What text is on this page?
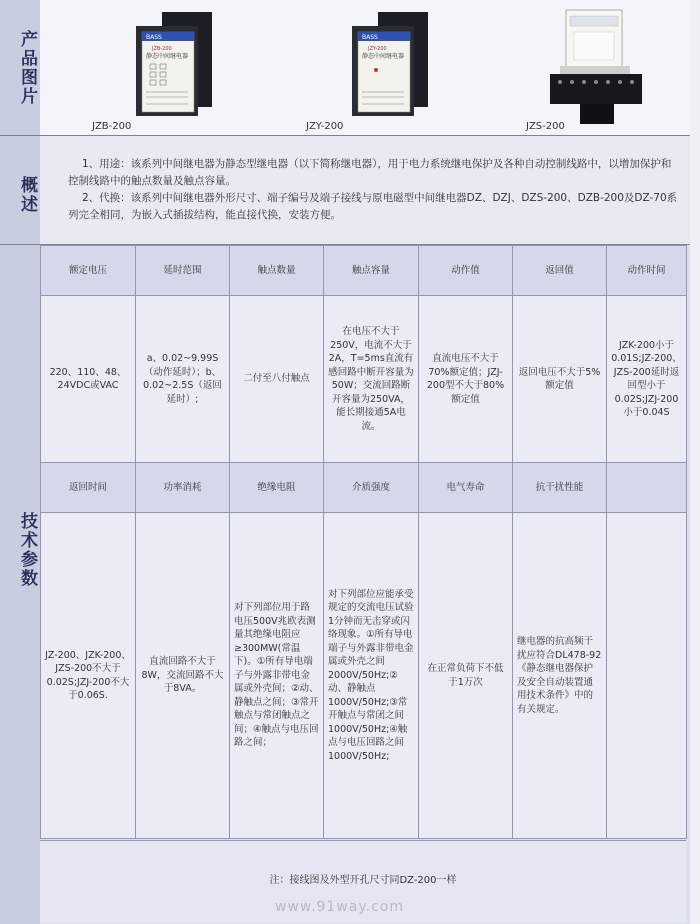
产品图片
概述
技术参数
BASS
JZB-200
静态中间继电器
JZB-200
BASS
JZY-200
静态中间继电器
JZY-200	JZS-200

1、用途：该系列中间继电器为静态型继电器（以下简称继电器），用于电力系统继电保护及各种自动控制线路中，以增加保护和控制线路中的触点数量及触点容量。

2、代换：该系列中间继电器外形尺寸、端子编号及端子接线与原电磁型中间继电器DZ、DZJ、DZS-200、DZB-200及DZ-70系列完全相同，为嵌入式插拔结构，能直接代换，安装方便。

额定电压	延时范围	触点数量	触点容量	动作值	返回值	动作时间
220、110、48、24VDC或VAC	a、0.02~9.99S（动作延时）；b、0.02~2.5S（返回延时）;	二付至八付触点	在电压不大于250V，电流不大于2A，T=5ms直流有感回路中断开容量为50W；交流回路断开容量为250VA，能长期接通5A电流。	直流电压不大于70%额定值；JZJ-200型不大于80%额定值	返回电压不大于5%额定值	JZK-200小于0.01S;JZ-200、JZS-200延时返回型小于0.02S;JZJ-200小于0.04S
返回时间	功率消耗	绝缘电阻	介质强度	电气寿命	抗干扰性能	
JZ-200、JZK-200、JZS-200不大于0.02S;JZJ-200不大于0.06S.	直流回路不大于8W，交流回路不大于8VA。	对下列部位用于路电压500V兆欧表测量其绝缘电阻应≥300MW(常温下)。①所有导电端子与外露非带电金属或外壳间；②动、静触点之间；③常开触点与常闭触点之间；④触点与电压回路之间；	对下列部位应能承受规定的交流电压试验1分钟而无击穿或闪络现象。①所有导电端子与外露非带电金属或外壳之间2000V/50Hz;②动、静触点1000V/50Hz;③常开触点与常闭之间1000V/50Hz;④触点与电压回路之间1000V/50Hz;	在正常负荷下不低于1万次	继电器的抗高频干扰应符合DL478-92《静态继电器保护及安全自动装置通用技术条件》中的有关规定。	
注：接线图及外型开孔尺寸同DZ-200一样
www.91way.com
